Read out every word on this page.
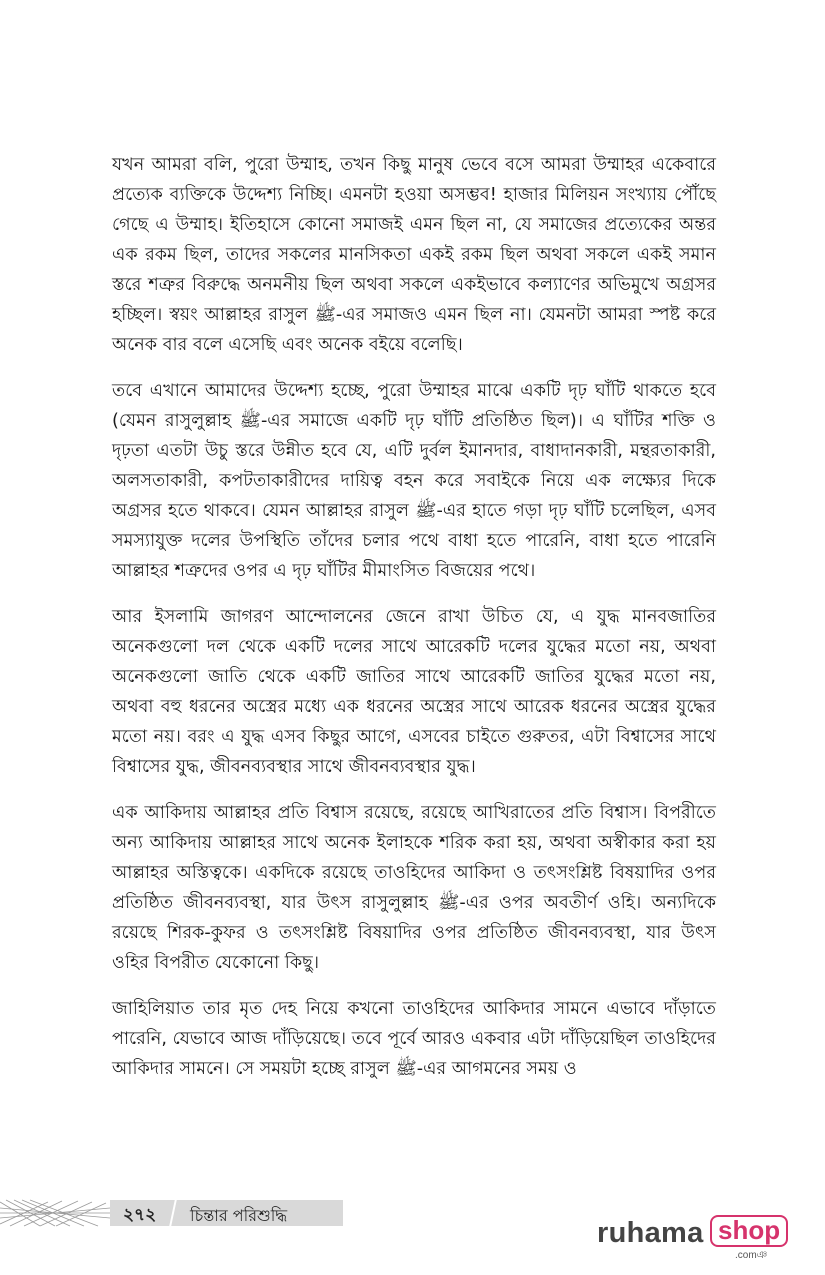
যখন আমরা বলি, পুরো উম্মাহ, তখন কিছু মানুষ ভেবে বসে আমরা উম্মাহর একেবারে প্রত্যেক ব্যক্তিকে উদ্দেশ্য নিচ্ছি। এমনটা হওয়া অসম্ভব! হাজার মিলিয়ন সংখ্যায় পৌঁছে গেছে এ উম্মাহ। ইতিহাসে কোনো সমাজই এমন ছিল না, যে সমাজের প্রত্যেকের অন্তর এক রকম ছিল, তাদের সকলের মানসিকতা একই রকম ছিল অথবা সকলে একই সমান স্তরে শত্রুর বিরুদ্ধে অনমনীয় ছিল অথবা সকলে একইভাবে কল্যাণের অভিমুখে অগ্রসর হচ্ছিল। স্বয়ং আল্লাহর রাসুল ﷺ-এর সমাজও এমন ছিল না। যেমনটা আমরা স্পষ্ট করে অনেক বার বলে এসেছি এবং অনেক বইয়ে বলেছি।

তবে এখানে আমাদের উদ্দেশ্য হচ্ছে, পুরো উম্মাহর মাঝে একটি দৃঢ় ঘাঁটি থাকতে হবে (যেমন রাসুলুল্লাহ ﷺ-এর সমাজে একটি দৃঢ় ঘাঁটি প্রতিষ্ঠিত ছিল)। এ ঘাঁটির শক্তি ও দৃঢ়তা এতটা উচু স্তরে উন্নীত হবে যে, এটি দুর্বল ইমানদার, বাধাদানকারী, মন্থরতাকারী, অলসতাকারী, কপটতাকারীদের দায়িত্ব বহন করে সবাইকে নিয়ে এক লক্ষ্যের দিকে অগ্রসর হতে থাকবে। যেমন আল্লাহর রাসুল ﷺ-এর হাতে গড়া দৃঢ় ঘাঁটি চলেছিল, এসব সমস্যাযুক্ত দলের উপস্থিতি তাঁদের চলার পথে বাধা হতে পারেনি, বাধা হতে পারেনি আল্লাহর শত্রুদের ওপর এ দৃঢ় ঘাঁটির মীমাংসিত বিজয়ের পথে।

আর ইসলামি জাগরণ আন্দোলনের জেনে রাখা উচিত যে, এ যুদ্ধ মানবজাতির অনেকগুলো দল থেকে একটি দলের সাথে আরেকটি দলের যুদ্ধের মতো নয়, অথবা অনেকগুলো জাতি থেকে একটি জাতির সাথে আরেকটি জাতির যুদ্ধের মতো নয়, অথবা বহু ধরনের অস্ত্রের মধ্যে এক ধরনের অস্ত্রের সাথে আরেক ধরনের অস্ত্রের যুদ্ধের মতো নয়। বরং এ যুদ্ধ এসব কিছুর আগে, এসবের চাইতে গুরুতর, এটা বিশ্বাসের সাথে বিশ্বাসের যুদ্ধ, জীবনব্যবস্থার সাথে জীবনব্যবস্থার যুদ্ধ।

এক আকিদায় আল্লাহর প্রতি বিশ্বাস রয়েছে, রয়েছে আখিরাতের প্রতি বিশ্বাস। বিপরীতে অন্য আকিদায় আল্লাহর সাথে অনেক ইলাহকে শরিক করা হয়, অথবা অস্বীকার করা হয় আল্লাহর অস্তিত্বকে। একদিকে রয়েছে তাওহিদের আকিদা ও তৎসংশ্লিষ্ট বিষয়াদির ওপর প্রতিষ্ঠিত জীবনব্যবস্থা, যার উৎস রাসুলুল্লাহ ﷺ-এর ওপর অবতীর্ণ ওহি। অন্যদিকে রয়েছে শিরক-কুফর ও তৎসংশ্লিষ্ট বিষয়াদির ওপর প্রতিষ্ঠিত জীবনব্যবস্থা, যার উৎস ওহির বিপরীত যেকোনো কিছু।

জাহিলিয়াত তার মৃত দেহ নিয়ে কখনো তাওহিদের আকিদার সামনে এভাবে দাঁড়াতে পারেনি, যেভাবে আজ দাঁড়িয়েছে। তবে পূর্বে আরও একবার এটা দাঁড়িয়েছিল তাওহিদের আকিদার সামনে। সে সময়টা হচ্ছে রাসুল ﷺ-এর আগমনের সময় ও

২৭২ চিন্তার পরিশুদ্ধি
ruhama shop
.comঞ
